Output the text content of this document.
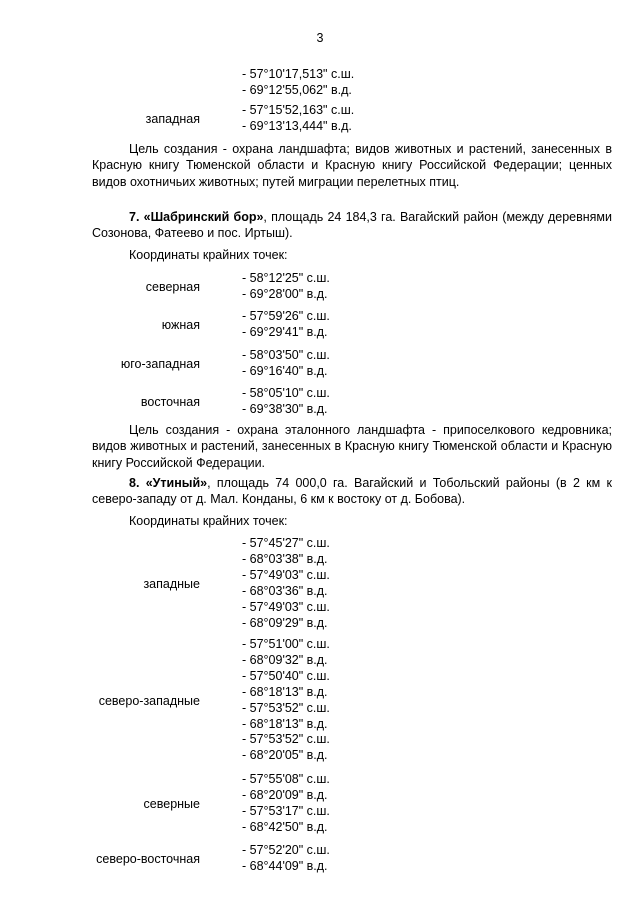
3
- 57°10'17,513" с.ш.
- 69°12'55,062" в.д.
западная
- 57°15'52,163" с.ш.
- 69°13'13,444" в.д.
Цель создания - охрана ландшафта; видов животных и растений, занесенных в Красную книгу Тюменской области и Красную книгу Российской Федерации; ценных видов охотничьих животных; путей миграции перелетных птиц.
7. «Шабринский бор», площадь 24 184,3 га. Вагайский район (между деревнями Созонова, Фатеево и пос. Иртыш).
Координаты крайних точек:
северная
- 58°12'25" с.ш.
- 69°28'00" в.д.
южная
- 57°59'26" с.ш.
- 69°29'41" в.д.
юго-западная
- 58°03'50" с.ш.
- 69°16'40" в.д.
восточная
- 58°05'10" с.ш.
- 69°38'30" в.д.
Цель создания - охрана эталонного ландшафта - припоселкового кедровника; видов животных и растений, занесенных в Красную книгу Тюменской области и Красную книгу Российской Федерации.
8. «Утиный», площадь 74 000,0 га. Вагайский и Тобольский районы (в 2 км к северо-западу от д. Мал. Конданы, 6 км к востоку от д. Бобова).
Координаты крайних точек:
западные
- 57°45'27" с.ш.
- 68°03'38" в.д.
- 57°49'03" с.ш.
- 68°03'36" в.д.
- 57°49'03" с.ш.
- 68°09'29" в.д.
северо-западные
- 57°51'00" с.ш.
- 68°09'32" в.д.
- 57°50'40" с.ш.
- 68°18'13" в.д.
- 57°53'52" с.ш.
- 68°18'13" в.д.
- 57°53'52" с.ш.
- 68°20'05" в.д.
северные
- 57°55'08" с.ш.
- 68°20'09" в.д.
- 57°53'17" с.ш.
- 68°42'50" в.д.
северо-восточная
- 57°52'20" с.ш.
- 68°44'09" в.д.
